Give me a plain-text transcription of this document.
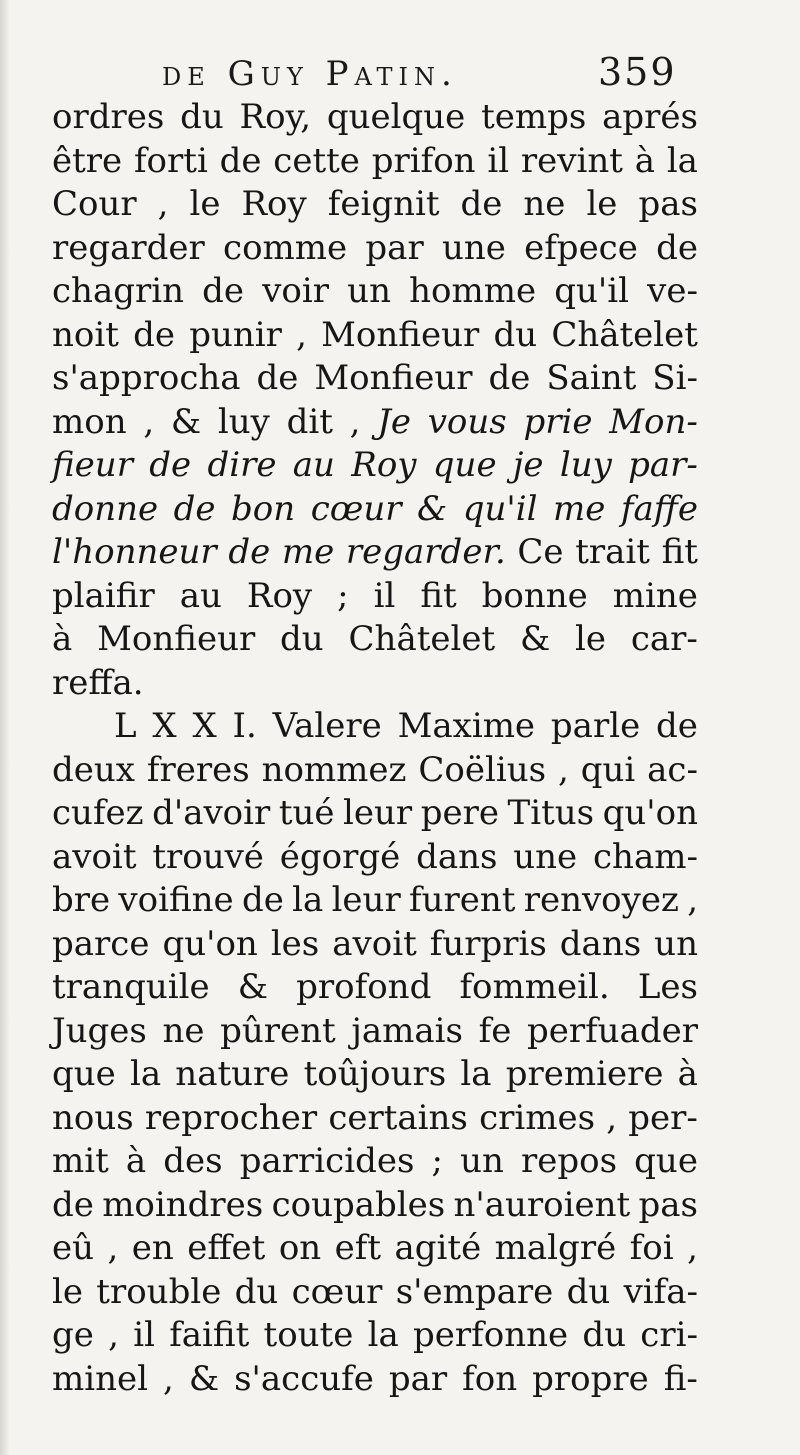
de Guy Patin.	359
ordres du Roy, quelque temps aprés
être forti de cette prifon il revint à la
Cour , le Roy feignit de ne le pas
regarder comme par une efpece de
chagrin de voir un homme qu'il ve-
noit de punir , Monfieur du Châtelet
s'approcha de Monfieur de Saint Si-
mon , & luy dit , Je vous prie Mon-
fieur de dire au Roy que je luy par-
donne de bon cœur & qu'il me faffe
l'honneur de me regarder. Ce trait fit
plaifir au Roy ; il fit bonne mine
à Monfieur du Châtelet & le car-
reffa.
L X X I. Valere Maxime parle de
deux freres nommez Coëlius , qui ac-
cufez d'avoir tué leur pere Titus qu'on
avoit trouvé égorgé dans une cham-
bre voifine de la leur furent renvoyez ,
parce qu'on les avoit furpris dans un
tranquile & profond fommeil. Les
Juges ne pûrent jamais fe perfuader
que la nature toûjours la premiere à
nous reprocher certains crimes , per-
mit à des parricides ; un repos que
de moindres coupables n'auroient pas
eû , en effet on eft agité malgré foi ,
le trouble du cœur s'empare du vifa-
ge , il faifit toute la perfonne du cri-
minel , & s'accufe par fon propre fi-
